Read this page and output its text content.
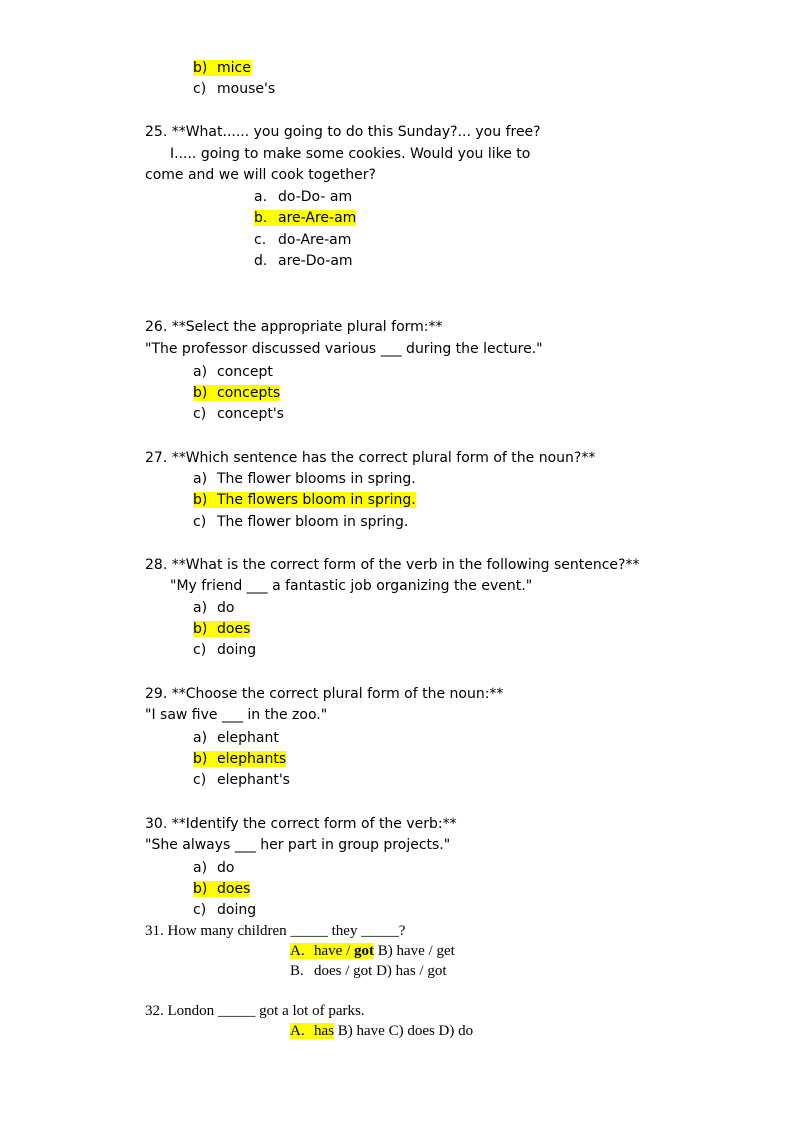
b) mice
c) mouse's
25. **What...... you going to do this Sunday?... you free?
I..... going to make some cookies. Would you like to
come and we will cook together?
a. do-Do- am
b. are-Are-am
c. do-Are-am
d. are-Do-am
26. **Select the appropriate plural form:**
"The professor discussed various ___ during the lecture."
a) concept
b) concepts
c) concept's
27. **Which sentence has the correct plural form of the noun?**
a) The flower blooms in spring.
b) The flowers bloom in spring.
c) The flower bloom in spring.
28. **What is the correct form of the verb in the following sentence?**
"My friend ___ a fantastic job organizing the event."
a) do
b) does
c) doing
29. **Choose the correct plural form of the noun:**
"I saw five ___ in the zoo."
a) elephant
b) elephants
c) elephant's
30. **Identify the correct form of the verb:**
"She always ___ her part in group projects."
a) do
b) does
c) doing
31. How many children _____ they _____?
A. have / got B) have / get
B. does / got D) has / got
32. London _____ got a lot of parks.
A. has B) have C) does D) do
